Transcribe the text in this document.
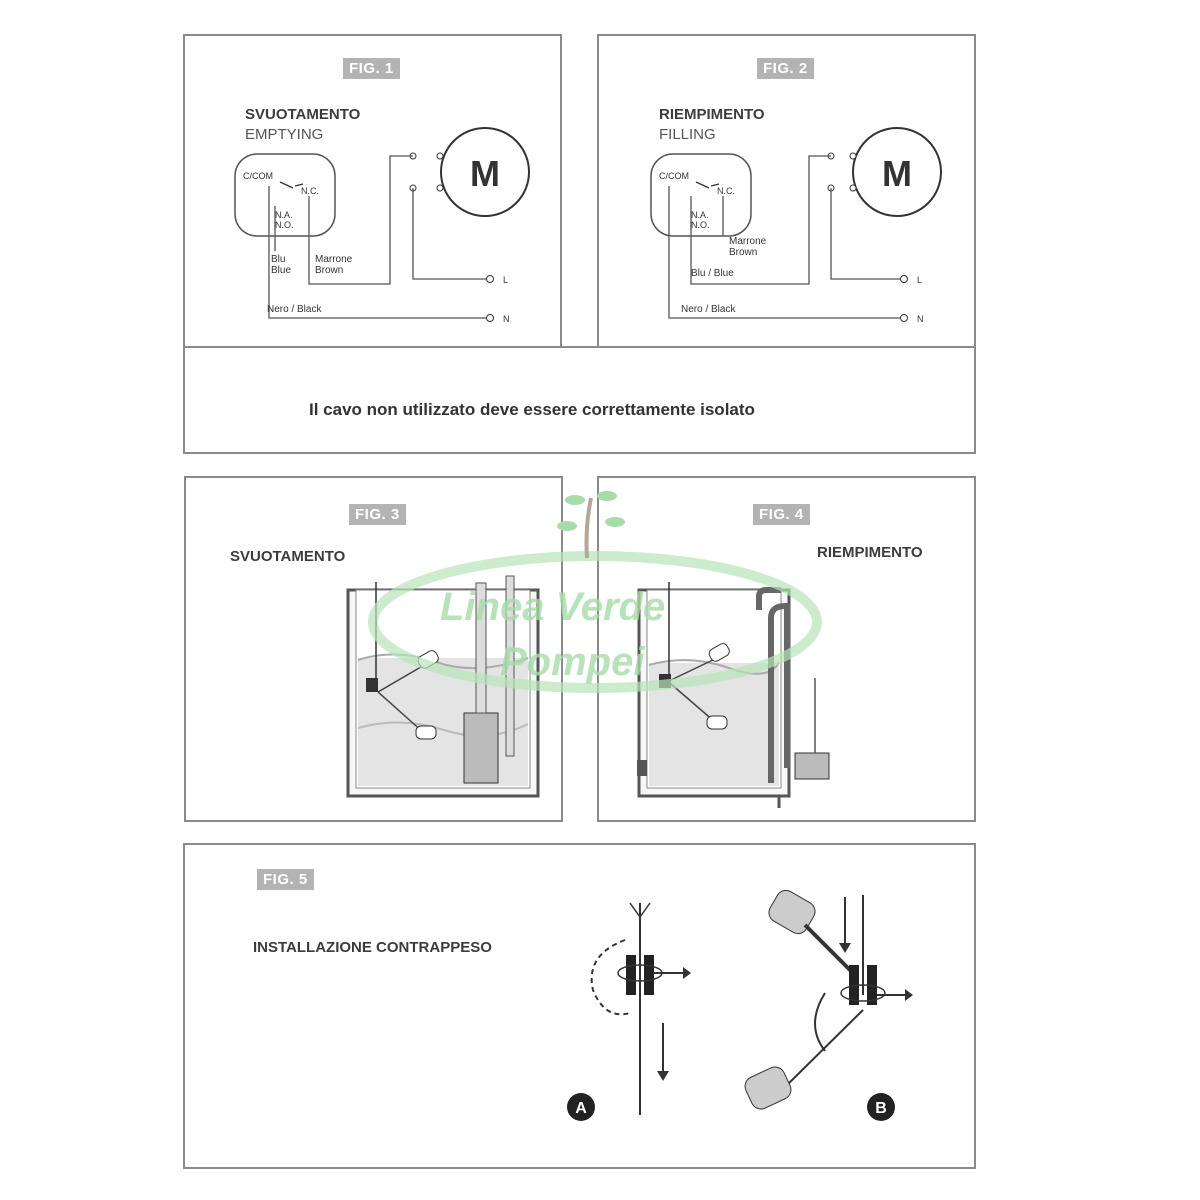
FIG. 1
SVUOTAMENTO
EMPTYING
M
C/COM
N.C.
N.A.
N.O.
L
N
Blu
Blue
Marrone
Brown
Nero / Black
FIG. 2
RIEMPIMENTO
FILLING
M
C/COM
N.C.
N.A.
N.O.
L
N
Marrone
Brown
Blu / Blue
Nero / Black
Il cavo non utilizzato deve essere correttamente isolato
FIG. 3
SVUOTAMENTO
FIG. 4
RIEMPIMENTO
FIG. 5
INSTALLAZIONE CONTRAPPESO
A	B
Linea Verde
Pompei
